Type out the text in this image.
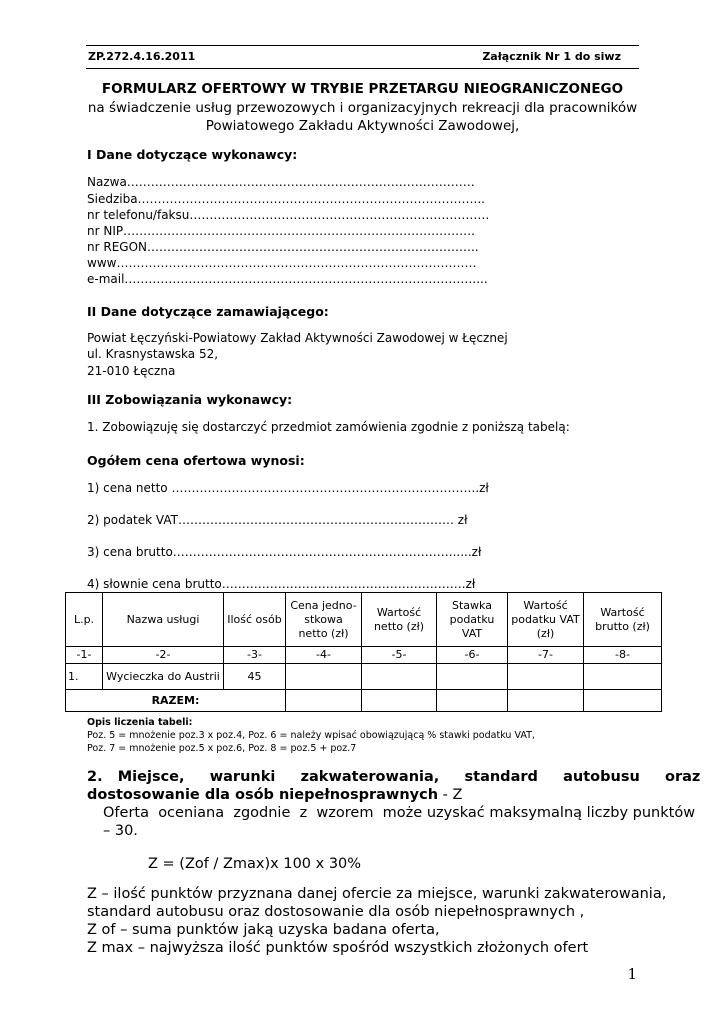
ZP.272.4.16.2011	Załącznik Nr 1 do siwz
FORMULARZ OFERTOWY W TRYBIE PRZETARGU NIEOGRANICZONEGO
na świadczenie usług przewozowych i organizacyjnych rekreacji dla pracowników
Powiatowego Zakładu Aktywności Zawodowej,
I Dane dotyczące wykonawcy:
Nazwa……………………………………………………………………………
Siedziba…………………………………………………………………………...
nr telefonu/faksu…………………………………………………………………
nr NIP…………………………………………………………………………….
nr REGON………………………………………………………………………..
www………………………………………………………………………………
e-mail……………………………………………………………………………....
II Dane dotyczące zamawiającego:
Powiat Łęczyński-Powiatowy Zakład Aktywności Zawodowej w Łęcznej
ul. Krasnystawska 52,
21-010 Łęczna
III Zobowiązania wykonawcy:
1. Zobowiązuję się dostarczyć przedmiot zamówienia zgodnie z poniższą tabelą:
Ogółem cena ofertowa wynosi:
1) cena netto …………………………………………………………………..zł
2) podatek VAT…………………………………………………………… zł
3) cena brutto……………………………………………………………......zł
4) słownie cena brutto…………………………………………………….zł
L.p.	Nazwa usługi	Ilość osób	Cena jedno-stkowa netto (zł)	Wartość netto (zł)	Stawka podatku VAT	Wartość podatku VAT (zł)	Wartość brutto (zł)
-1-	-2-	-3-	-4-	-5-	-6-	-7-	-8-
1.	Wycieczka do Austrii	45					
RAZEM:							
Opis liczenia tabeli:
Poz. 5 = mnożenie poz.3 x poz.4, Poz. 6 = należy wpisać obowiązującą % stawki podatku VAT,
Poz. 7 = mnożenie poz.5 x poz.6, Poz. 8 = poz.5 + poz.7
2.   Miejsce,     warunki     zakwaterowania,     standard     autobusu     oraz
dostosowanie dla osób niepełnosprawnych - Z
Oferta  oceniana  zgodnie  z  wzorem  może uzyskać maksymalną liczby punktów
– 30.
Z = (Zof / Zmax)x 100 x 30%
Z – ilość punktów przyznana danej ofercie za miejsce, warunki zakwaterowania,
standard autobusu oraz dostosowanie dla osób niepełnosprawnych ,
Z of – suma punktów jaką uzyska badana oferta,
Z max – najwyższa ilość punktów spośród wszystkich złożonych ofert
1
